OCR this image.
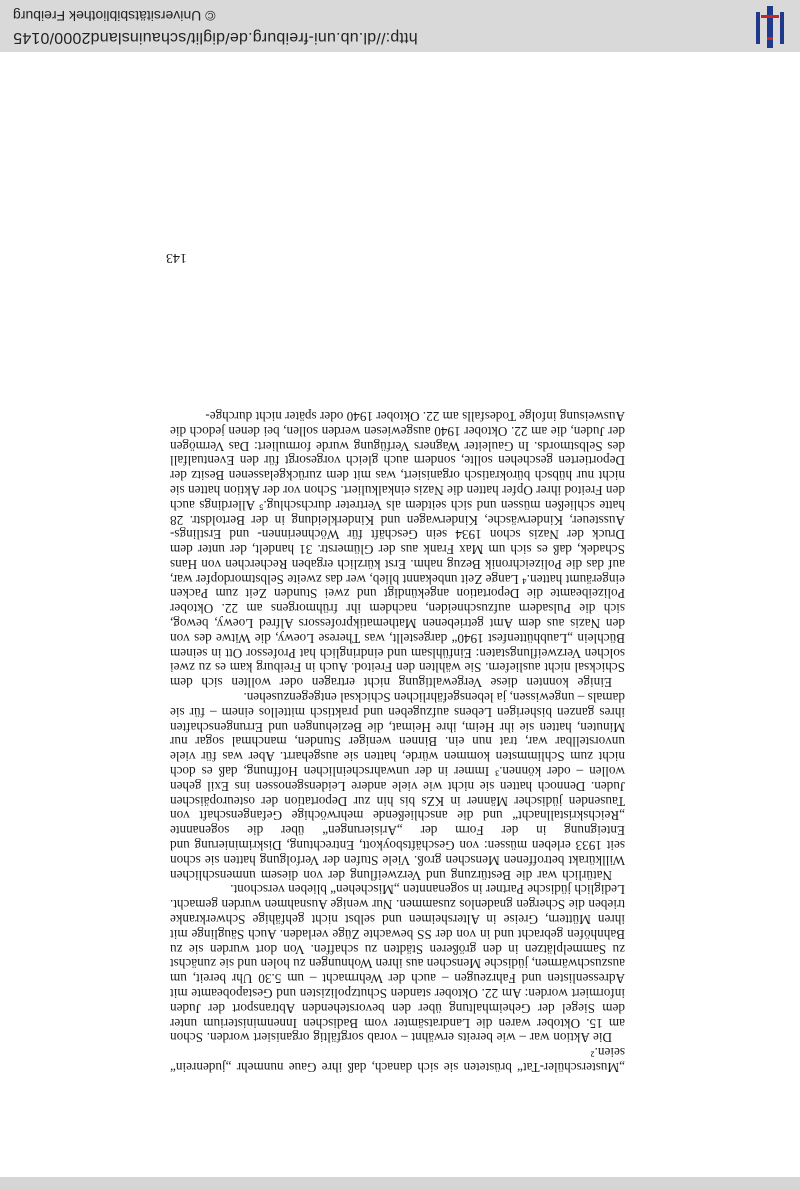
„Musterschüler-Tat“ brüsteten sie sich danach, daß ihre Gaue nunmehr „judenrein“ seien.²

Die Aktion war – wie bereits erwähnt – vorab sorgfältig organisiert worden. Schon am 15. Oktober waren die Landratsämter vom Badischen Innenministerium unter dem Siegel der Geheimhaltung über den bevorstehenden Abtransport der Juden informiert worden: Am 22. Oktober standen Schutzpolizisten und Gestapobeamte mit Adressenlisten und Fahrzeugen – auch der Wehrmacht – um 5.30 Uhr bereit, um auszuschwärmen, jüdische Menschen aus ihren Wohnungen zu holen und sie zunächst zu Sammelplätzen in den größeren Städten zu schaffen. Von dort wurden sie zu Bahnhöfen gebracht und in von der SS bewachte Züge verladen. Auch Säuglinge mit ihren Müttern, Greise in Altersheimen und selbst nicht gehfähige Schwerkranke trieben die Schergen gnadenlos zusammen. Nur wenige Ausnahmen wurden gemacht. Lediglich jüdische Partner in sogenannten „Mischehen“ blieben verschont.

Natürlich war die Bestürzung und Verzweiflung der von diesem unmenschlichen Willkürakt betroffenen Menschen groß. Viele Stufen der Verfolgung hatten sie schon seit 1933 erleben müssen: von Geschäftsboykott, Entrechtung, Diskriminierung und Enteignung in der Form der „Arisierungen“ über die sogenannte „Reichskristallnacht“ und die anschließende mehrwöchige Gefangenschaft von Tausenden jüdischer Männer in KZs bis hin zur Deportation der osteuropäischen Juden. Dennoch hatten sie nicht wie viele andere Leidensgenossen ins Exil gehen wollen – oder können.³ Immer in der unwahrscheinlichen Hoffnung, daß es doch nicht zum Schlimmsten kommen würde, hatten sie ausgeharrt. Aber was für viele unvorstellbar war, trat nun ein. Binnen weniger Stunden, manchmal sogar nur Minuten, hatten sie ihr Heim, ihre Heimat, die Beziehungen und Errungenschaften ihres ganzen bisherigen Lebens aufzugeben und praktisch mittellos einem – für sie damals – ungewissen, ja lebensgefährlichen Schicksal entgegenzusehen.

Einige konnten diese Vergewaltigung nicht ertragen oder wollten sich dem Schicksal nicht ausliefern. Sie wählten den Freitod. Auch in Freiburg kam es zu zwei solchen Verzweiflungstaten: Einfühlsam und eindringlich hat Professor Ott in seinem Büchlein „Laubhüttenfest 1940“ dargestellt, was Therese Loewy, die Witwe des von den Nazis aus dem Amt getriebenen Mathematikprofessors Alfred Loewy, bewog, sich die Pulsadern aufzuschneiden, nachdem ihr frühmorgens am 22. Oktober Polizeibeamte die Deportation angekündigt und zwei Stunden Zeit zum Packen eingeräumt hatten.⁴ Lange Zeit unbekannt blieb, wer das zweite Selbstmordopfer war, auf das die Polizeichronik Bezug nahm. Erst kürzlich ergaben Recherchen von Hans Schadek, daß es sich um Max Frank aus der Glümerstr. 31 handelt, der unter dem Druck der Nazis schon 1934 sein Geschäft für Wöchnerinnen- und Erstlings-Aussteuer, Kinderwäsche, Kinderwagen und Kinderkleidung in der Bertoldstr. 28 hatte schließen müssen und sich seitdem als Vertreter durchschlug.⁵ Allerdings auch den Freitod ihrer Opfer hatten die Nazis einkalkuliert. Schon vor der Aktion hatten sie nicht nur hübsch bürokratisch organisiert, was mit dem zurückgelassenen Besitz der Deportierten geschehen sollte, sondern auch gleich vorgesorgt für den Eventualfall des Selbstmords. In Gauleiter Wagners Verfügung wurde formuliert: Das Vermögen der Juden, die am 22. Oktober 1940 ausgewiesen werden sollen, bei denen jedoch die Ausweisung infolge Todesfalls am 22. Oktober 1940 oder später nicht durchge-

143
http://dl.ub.uni-freiburg.de/diglit/schauinsland2000/0145
© Universitätsbibliothek Freiburg
